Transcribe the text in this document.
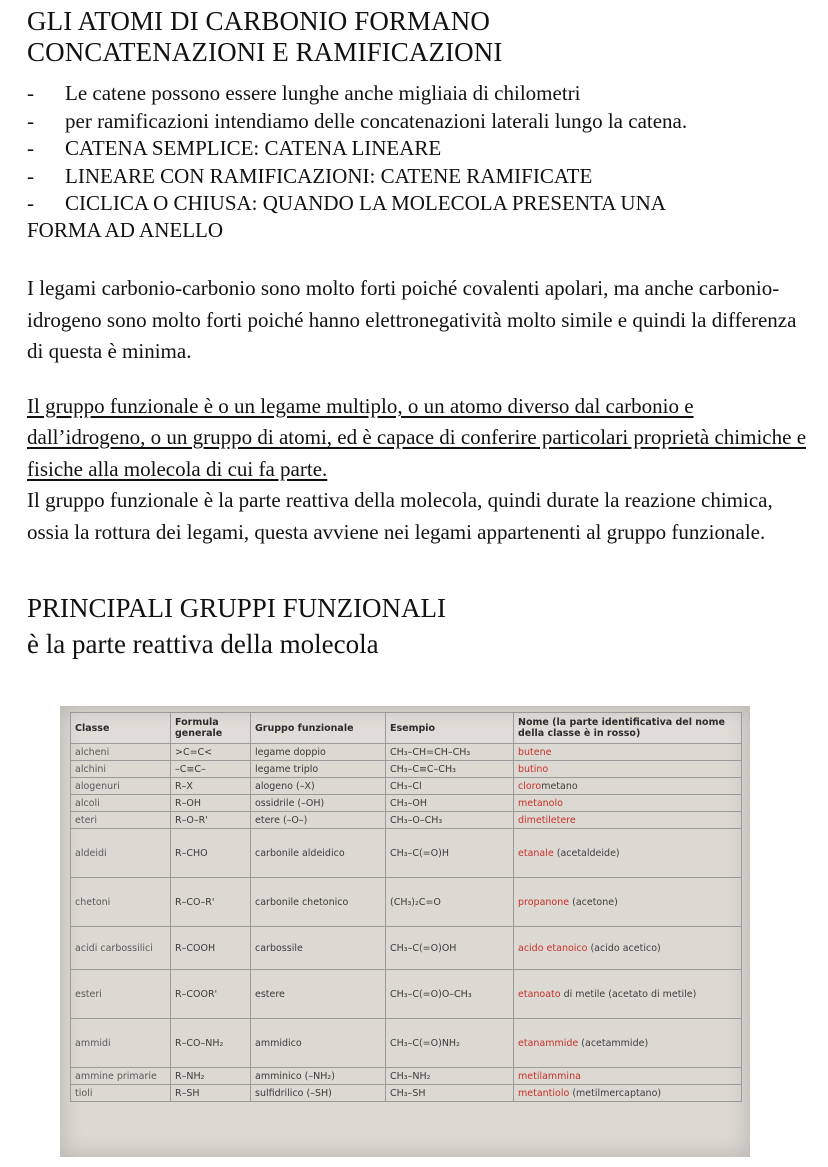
GLI ATOMI DI CARBONIO FORMANO
CONCATENAZIONI E RAMIFICAZIONI
- Le catene possono essere lunghe anche migliaia di chilometri
- per ramificazioni intendiamo delle concatenazioni laterali lungo la catena.
- CATENA SEMPLICE: CATENA LINEARE
- LINEARE CON RAMIFICAZIONI: CATENE RAMIFICATE
- CICLICA O CHIUSA: QUANDO LA MOLECOLA PRESENTA UNA
FORMA AD ANELLO

I legami carbonio-carbonio sono molto forti poiché covalenti apolari, ma anche carbonio-idrogeno sono molto forti poiché hanno elettronegatività molto simile e quindi la differenza di questa è minima.

Il gruppo funzionale è o un legame multiplo, o un atomo diverso dal carbonio e dall’idrogeno, o un gruppo di atomi, ed è capace di conferire particolari proprietà chimiche e fisiche alla molecola di cui fa parte.

Il gruppo funzionale è la parte reattiva della molecola, quindi durate la reazione chimica, ossia la rottura dei legami, questa avviene nei legami appartenenti al gruppo funzionale.

PRINCIPALI GRUPPI FUNZIONALI

è la parte reattiva della molecola

Classe	Formula generale	Gruppo funzionale	Esempio	Nome (la parte identificativa del nome della classe è in rosso)
alcheni	>C=C<	legame doppio	CH₃–CH=CH–CH₃	butene
alchini	–C≡C–	legame triplo	CH₃–C≡C–CH₃	butino
alogenuri	R–X	alogeno (–X)	CH₃–Cl	clorometano
alcoli	R–OH	ossidrile (–OH)	CH₃–OH	metanolo
eteri	R–O–R'	etere (–O–)	CH₃–O–CH₃	dimetiletere
aldeidi	R–CHO	carbonile aldeidico	CH₃–C(=O)H	etanale (acetaldeide)
chetoni	R–CO–R'	carbonile chetonico	(CH₃)₂C=O	propanone (acetone)
acidi carbossilici	R–COOH	carbossile	CH₃–C(=O)OH	acido etanoico (acido acetico)
esteri	R–COOR'	estere	CH₃–C(=O)O–CH₃	etanoato di metile (acetato di metile)
ammidi	R–CO–NH₂	ammidico	CH₃–C(=O)NH₂	etanammide (acetammide)
ammine primarie	R–NH₂	amminico (–NH₂)	CH₃–NH₂	metilammina
tioli	R–SH	sulfidrilico (–SH)	CH₃–SH	metantiolo (metilmercaptano)
